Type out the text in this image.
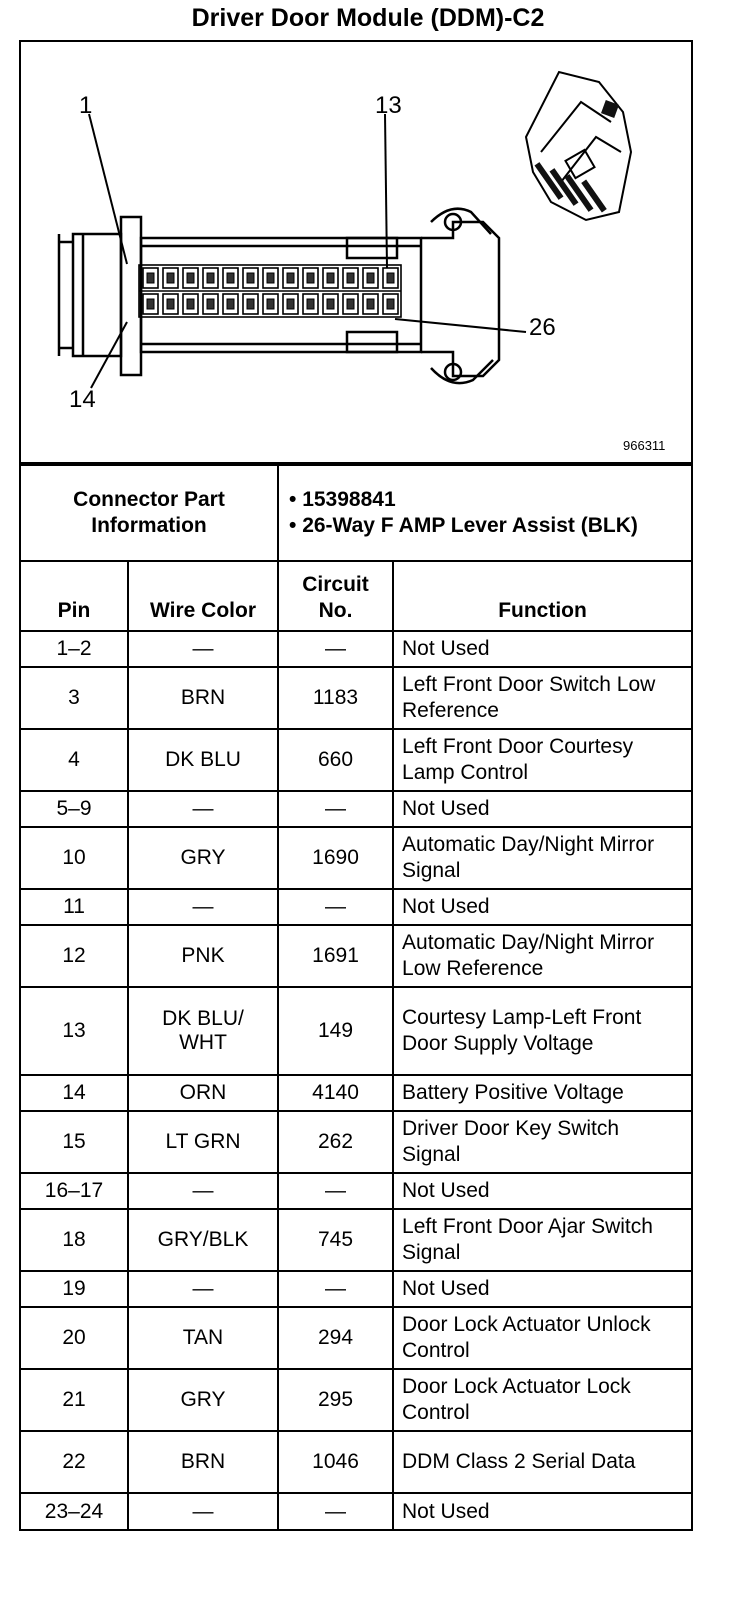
Driver Door Module (DDM)-C2
1	13
14
26
966311
Connector Part Information		• 15398841
• 26-Way F AMP Lever Assist (BLK)	

Pin	Wire Color	Circuit No.	Function
1–2	—	—	Not Used
3	BRN	1183	Left Front Door Switch Low Reference
4	DK BLU	660	Left Front Door Courtesy Lamp Control
5–9	—	—	Not Used
10	GRY	1690	Automatic Day/Night Mirror Signal
11	—	—	Not Used
12	PNK	1691	Automatic Day/Night Mirror Low Reference
13	DK BLU/ WHT	149	Courtesy Lamp-Left Front Door Supply Voltage
14	ORN	4140	Battery Positive Voltage
15	LT GRN	262	Driver Door Key Switch Signal
16–17	—	—	Not Used
18	GRY/BLK	745	Left Front Door Ajar Switch Signal
19	—	—	Not Used
20	TAN	294	Door Lock Actuator Unlock Control
21	GRY	295	Door Lock Actuator Lock Control
22	BRN	1046	DDM Class 2 Serial Data
23–24	—	—	Not Used
